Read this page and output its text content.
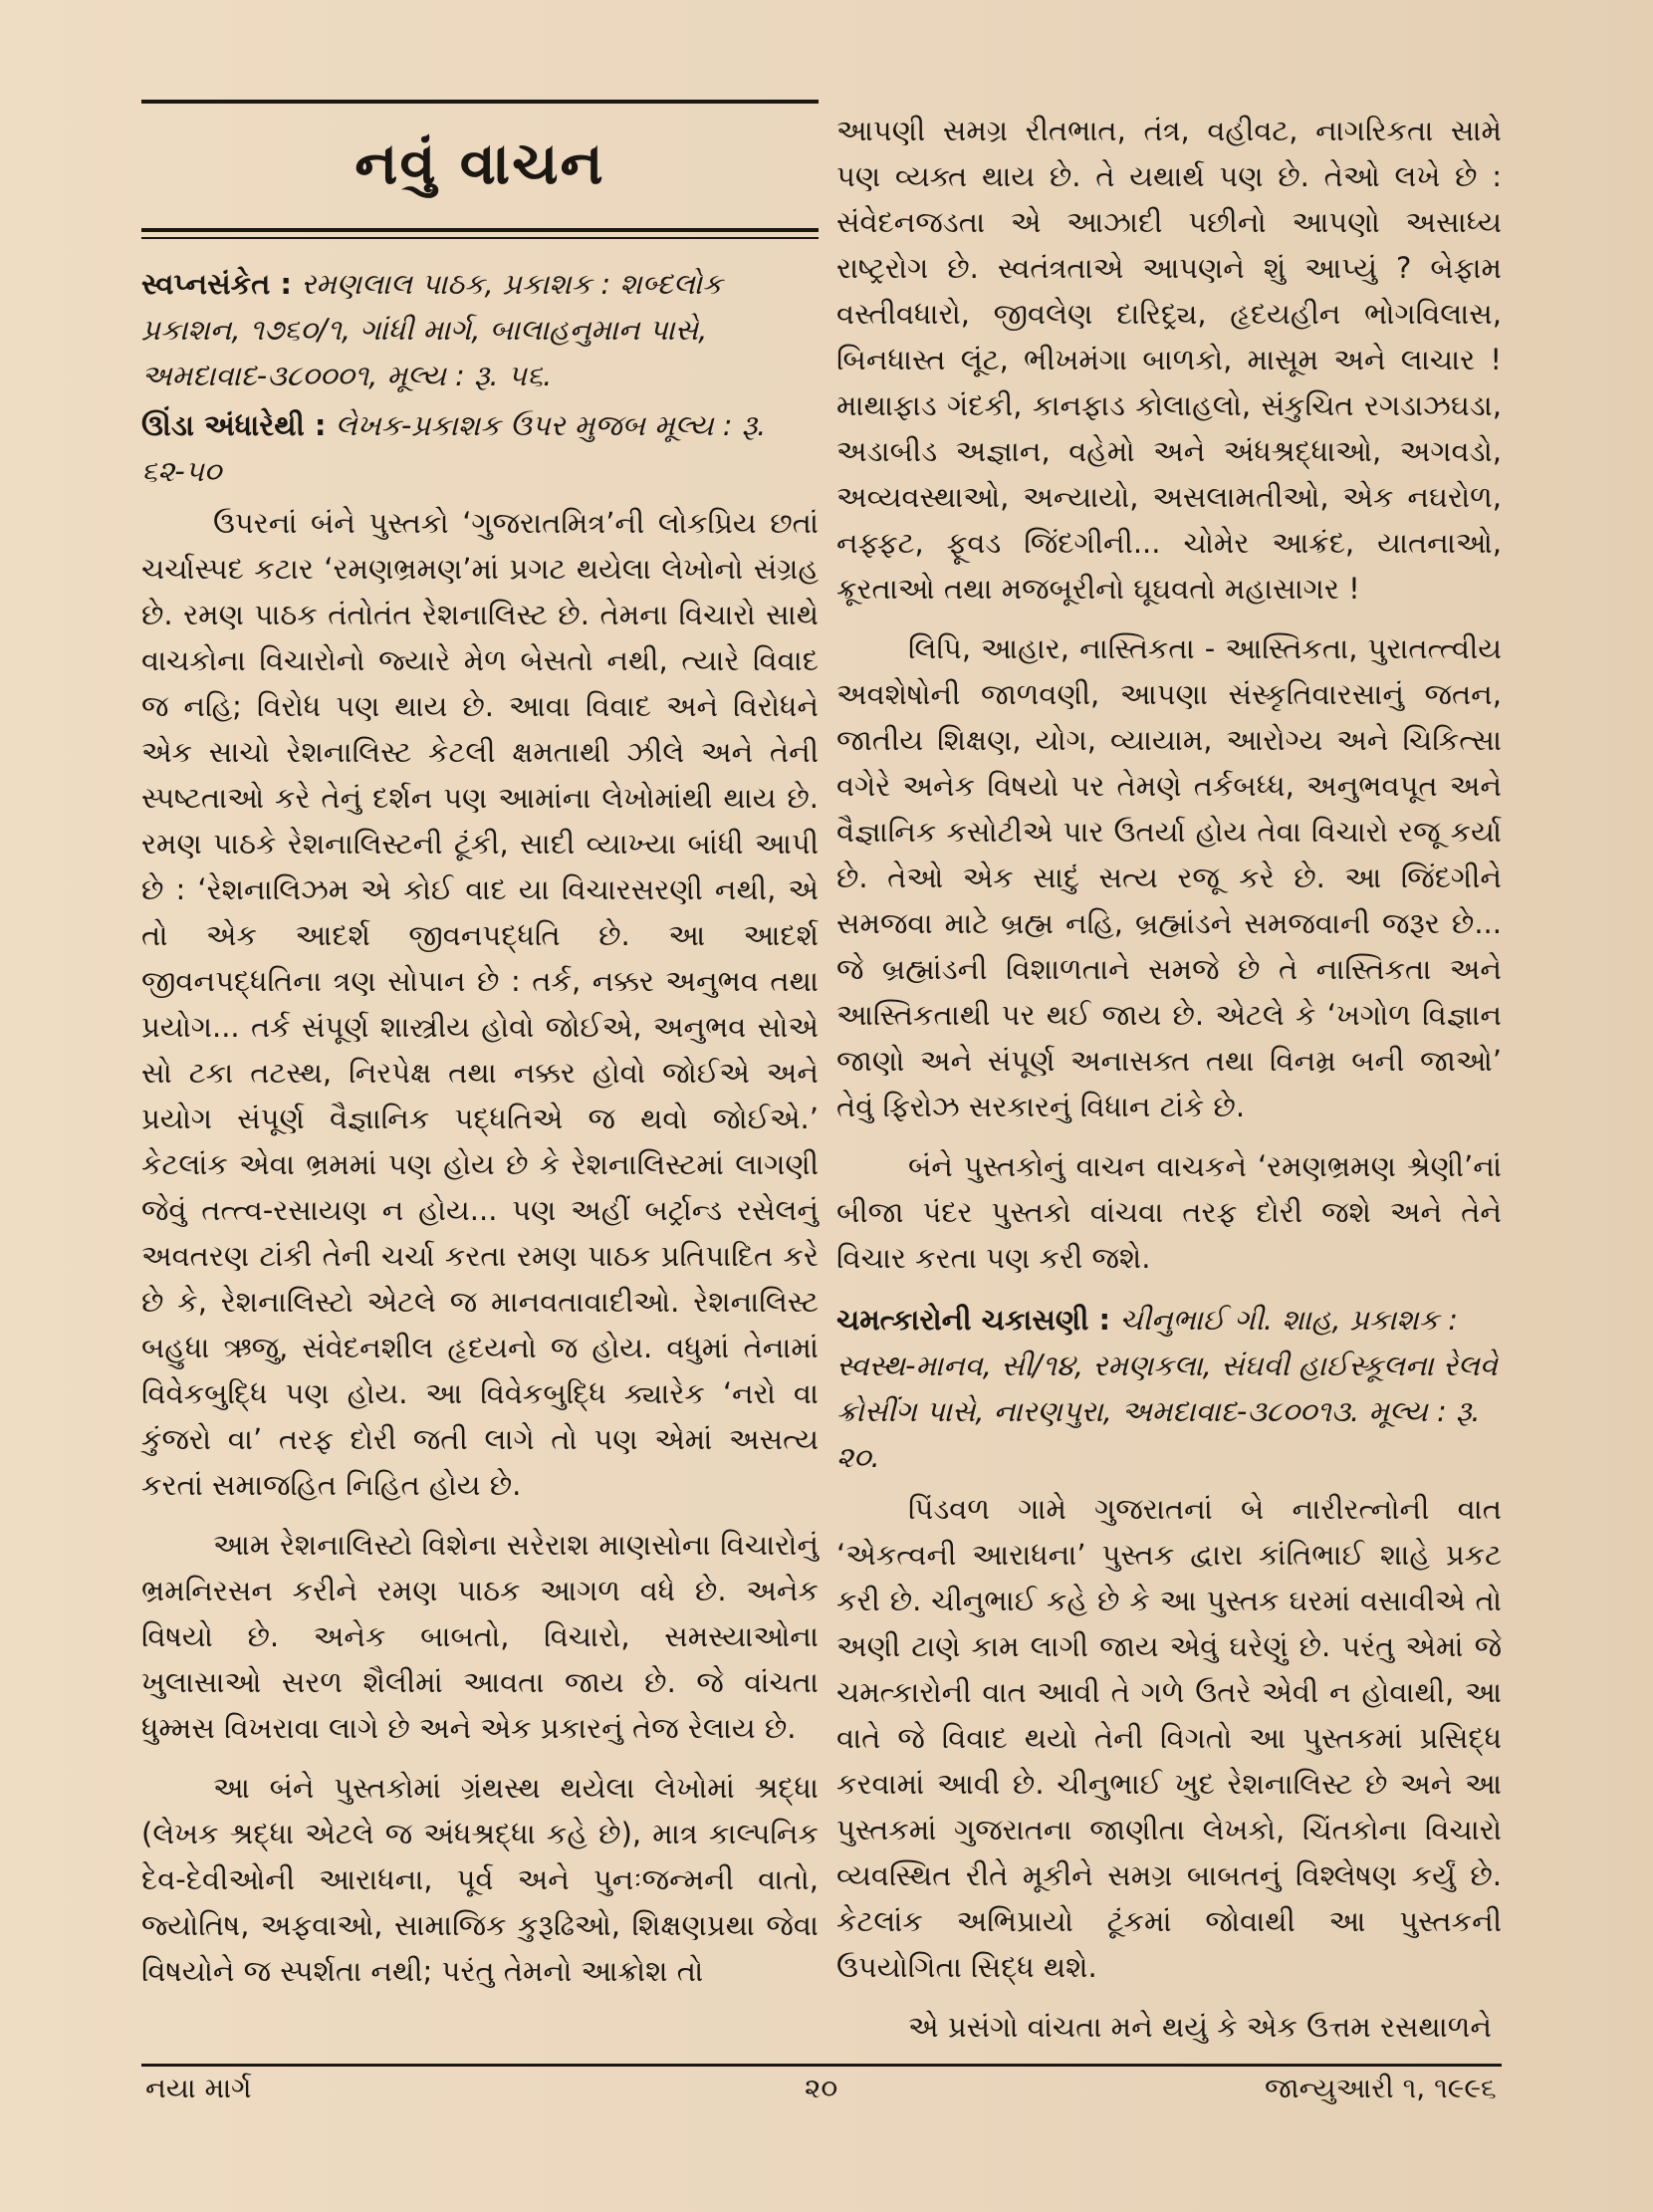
નવું વાચન

સ્વપ્નસંકેત : રમણલાલ પાઠક, પ્રકાશક : શબ્દલોક પ્રકાશન, ૧૭૬૦/૧, ગાંધી માર્ગ, બાલાહનુમાન પાસે, અમદાવાદ-૩૮૦૦૦૧, મૂલ્ય : રૂ. ૫૬.

ઊંડા અંધારેથી : લેખક-પ્રકાશક ઉપર મુજબ મૂલ્ય : રૂ. ૬૨-૫૦

ઉપરનાં બંને પુસ્તકો ‘ગુજરાતમિત્ર’ની લોકપ્રિય છતાં ચર્ચાસ્પદ કટાર ‘રમણભ્રમણ’માં પ્રગટ થયેલા લેખોનો સંગ્રહ છે. રમણ પાઠક તંતોતંત રેશનાલિસ્ટ છે. તેમના વિચારો સાથે વાચકોના વિચારોનો જ્યારે મેળ બેસતો નથી, ત્યારે વિવાદ જ નહિ; વિરોધ પણ થાય છે. આવા વિવાદ અને વિરોધને એક સાચો રેશનાલિસ્ટ કેટલી ક્ષમતાથી ઝીલે અને તેની સ્પષ્ટતાઓ કરે તેનું દર્શન પણ આમાંના લેખોમાંથી થાય છે. રમણ પાઠકે રેશનાલિસ્ટની ટૂંકી, સાદી વ્યાખ્યા બાંધી આપી છે : ‘રેશનાલિઝમ એ કોઈ વાદ યા વિચારસરણી નથી, એ તો એક આદર્શ જીવનપદ્ધતિ છે. આ આદર્શ જીવનપદ્ધતિના ત્રણ સોપાન છે : તર્ક, નક્કર અનુભવ તથા પ્રયોગ... તર્ક સંપૂર્ણ શાસ્ત્રીય હોવો જોઈએ, અનુભવ સોએ સો ટકા તટસ્થ, નિરપેક્ષ તથા નક્કર હોવો જોઈએ અને પ્રયોગ સંપૂર્ણ વૈજ્ઞાનિક પદ્ધતિએ જ થવો જોઈએ.’ કેટલાંક એવા ભ્રમમાં પણ હોય છે કે રેશનાલિસ્ટમાં લાગણી જેવું તત્ત્વ-રસાયણ ન હોય... પણ અહીં બર્ટ્રાન્ડ રસેલનું અવતરણ ટાંકી તેની ચર્ચા કરતા રમણ પાઠક પ્રતિપાદિત કરે છે કે, રેશનાલિસ્ટો એટલે જ માનવતાવાદીઓ. રેશનાલિસ્ટ બહુધા ઋજુ, સંવેદનશીલ હૃદયનો જ હોય. વધુમાં તેનામાં વિવેકબુદ્ધિ પણ હોય. આ વિવેકબુદ્ધિ ક્યારેક ‘નરો વા કુંજરો વા’ તરફ દોરી જતી લાગે તો પણ એમાં અસત્ય કરતાં સમાજહિત નિહિત હોય છે.

આમ રેશનાલિસ્ટો વિશેના સરેરાશ માણસોના વિચારોનું ભ્રમનિરસન કરીને રમણ પાઠક આગળ વધે છે. અનેક વિષયો છે. અનેક બાબતો, વિચારો, સમસ્યાઓના ખુલાસાઓ સરળ શૈલીમાં આવતા જાય છે. જે વાંચતા ધુમ્મસ વિખરાવા લાગે છે અને એક પ્રકારનું તેજ રેલાય છે.

આ બંને પુસ્તકોમાં ગ્રંથસ્થ થયેલા લેખોમાં શ્રદ્ધા (લેખક શ્રદ્ધા એટલે જ અંધશ્રદ્ધા કહે છે), માત્ર કાલ્પનિક દેવ-દેવીઓની આરાધના, પૂર્વ અને પુનઃજન્મની વાતો, જ્યોતિષ, અફવાઓ, સામાજિક કુરૂઢિઓ, શિક્ષણપ્રથા જેવા વિષયોને જ સ્પર્શતા નથી; પરંતુ તેમનો આક્રોશ તો

આપણી સમગ્ર રીતભાત, તંત્ર, વહીવટ, નાગરિકતા સામે પણ વ્યક્ત થાય છે. તે યથાર્થ પણ છે. તેઓ લખે છે : સંવેદનજડતા એ આઝાદી પછીનો આપણો અસાધ્ય રાષ્ટ્રરોગ છે. સ્વતંત્રતાએ આપણને શું આપ્યું ? બેફામ વસ્તીવધારો, જીવલેણ દારિદ્ર્ય, હૃદયહીન ભોગવિલાસ, બિનધાસ્ત લૂંટ, ભીખમંગા બાળકો, માસૂમ અને લાચાર ! માથાફાડ ગંદકી, કાનફાડ કોલાહલો, સંકુચિત રગડાઝઘડા, અડાબીડ અજ્ઞાન, વહેમો અને અંધશ્રદ્ધાઓ, અગવડો, અવ્યવસ્થાઓ, અન્યાયો, અસલામતીઓ, એક નઘરોળ, નફ્ફટ, ફૂવડ જિંદગીની... ચોમેર આક્રંદ, યાતનાઓ, ક્રૂરતાઓ તથા મજબૂરીનો ઘૂઘવતો મહાસાગર !

લિપિ, આહાર, નાસ્તિકતા - આસ્તિકતા, પુરાતત્ત્વીય અવશેષોની જાળવણી, આપણા સંસ્કૃતિવારસાનું જતન, જાતીય શિક્ષણ, યોગ, વ્યાયામ, આરોગ્ય અને ચિકિત્સા વગેરે અનેક વિષયો પર તેમણે તર્કબધ્ધ, અનુભવપૂત અને વૈજ્ઞાનિક કસોટીએ પાર ઉતર્યા હોય તેવા વિચારો રજૂ કર્યા છે. તેઓ એક સાદું સત્ય રજૂ કરે છે. આ જિંદગીને સમજવા માટે બ્રહ્મ નહિ, બ્રહ્માંડને સમજવાની જરૂર છે... જે બ્રહ્માંડની વિશાળતાને સમજે છે તે નાસ્તિકતા અને આસ્તિકતાથી પર થઈ જાય છે. એટલે કે ‘ખગોળ વિજ્ઞાન જાણો અને સંપૂર્ણ અનાસક્ત તથા વિનમ્ર બની જાઓ’ તેવું ફિરોઝ સરકારનું વિધાન ટાંકે છે.

બંને પુસ્તકોનું વાચન વાચકને ‘રમણભ્રમણ શ્રેણી’નાં બીજા પંદર પુસ્તકો વાંચવા તરફ દોરી જશે અને તેને વિચાર કરતા પણ કરી જશે.

ચમત્કારોની ચકાસણી : ચીનુભાઈ ગી. શાહ, પ્રકાશક : સ્વસ્થ-માનવ, સી/૧૪, રમણકલા, સંઘવી હાઈસ્કૂલના રેલવે ક્રોસીંગ પાસે, નારણપુરા, અમદાવાદ-૩૮૦૦૧૩. મૂલ્ય : રૂ. ૨૦.

પિંડવળ ગામે ગુજરાતનાં બે નારીરત્નોની વાત ‘એકત્વની આરાધના’ પુસ્તક દ્વારા કાંતિભાઈ શાહે પ્રકટ કરી છે. ચીનુભાઈ કહે છે કે આ પુસ્તક ઘરમાં વસાવીએ તો અણી ટાણે કામ લાગી જાય એવું ઘરેણું છે. પરંતુ એમાં જે ચમત્કારોની વાત આવી તે ગળે ઉતરે એવી ન હોવાથી, આ વાતે જે વિવાદ થયો તેની વિગતો આ પુસ્તકમાં પ્રસિદ્ધ કરવામાં આવી છે. ચીનુભાઈ ખુદ રેશનાલિસ્ટ છે અને આ પુસ્તકમાં ગુજરાતના જાણીતા લેખકો, ચિંતકોના વિચારો વ્યવસ્થિત રીતે મૂકીને સમગ્ર બાબતનું વિશ્લેષણ કર્યું છે. કેટલાંક અભિપ્રાયો ટૂંકમાં જોવાથી આ પુસ્તકની ઉપયોગિતા સિદ્ધ થશે.

એ પ્રસંગો વાંચતા મને થયું કે એક ઉત્તમ રસથાળને

નયા માર્ગ	૨૦	જાન્યુઆરી ૧, ૧૯૯૬
